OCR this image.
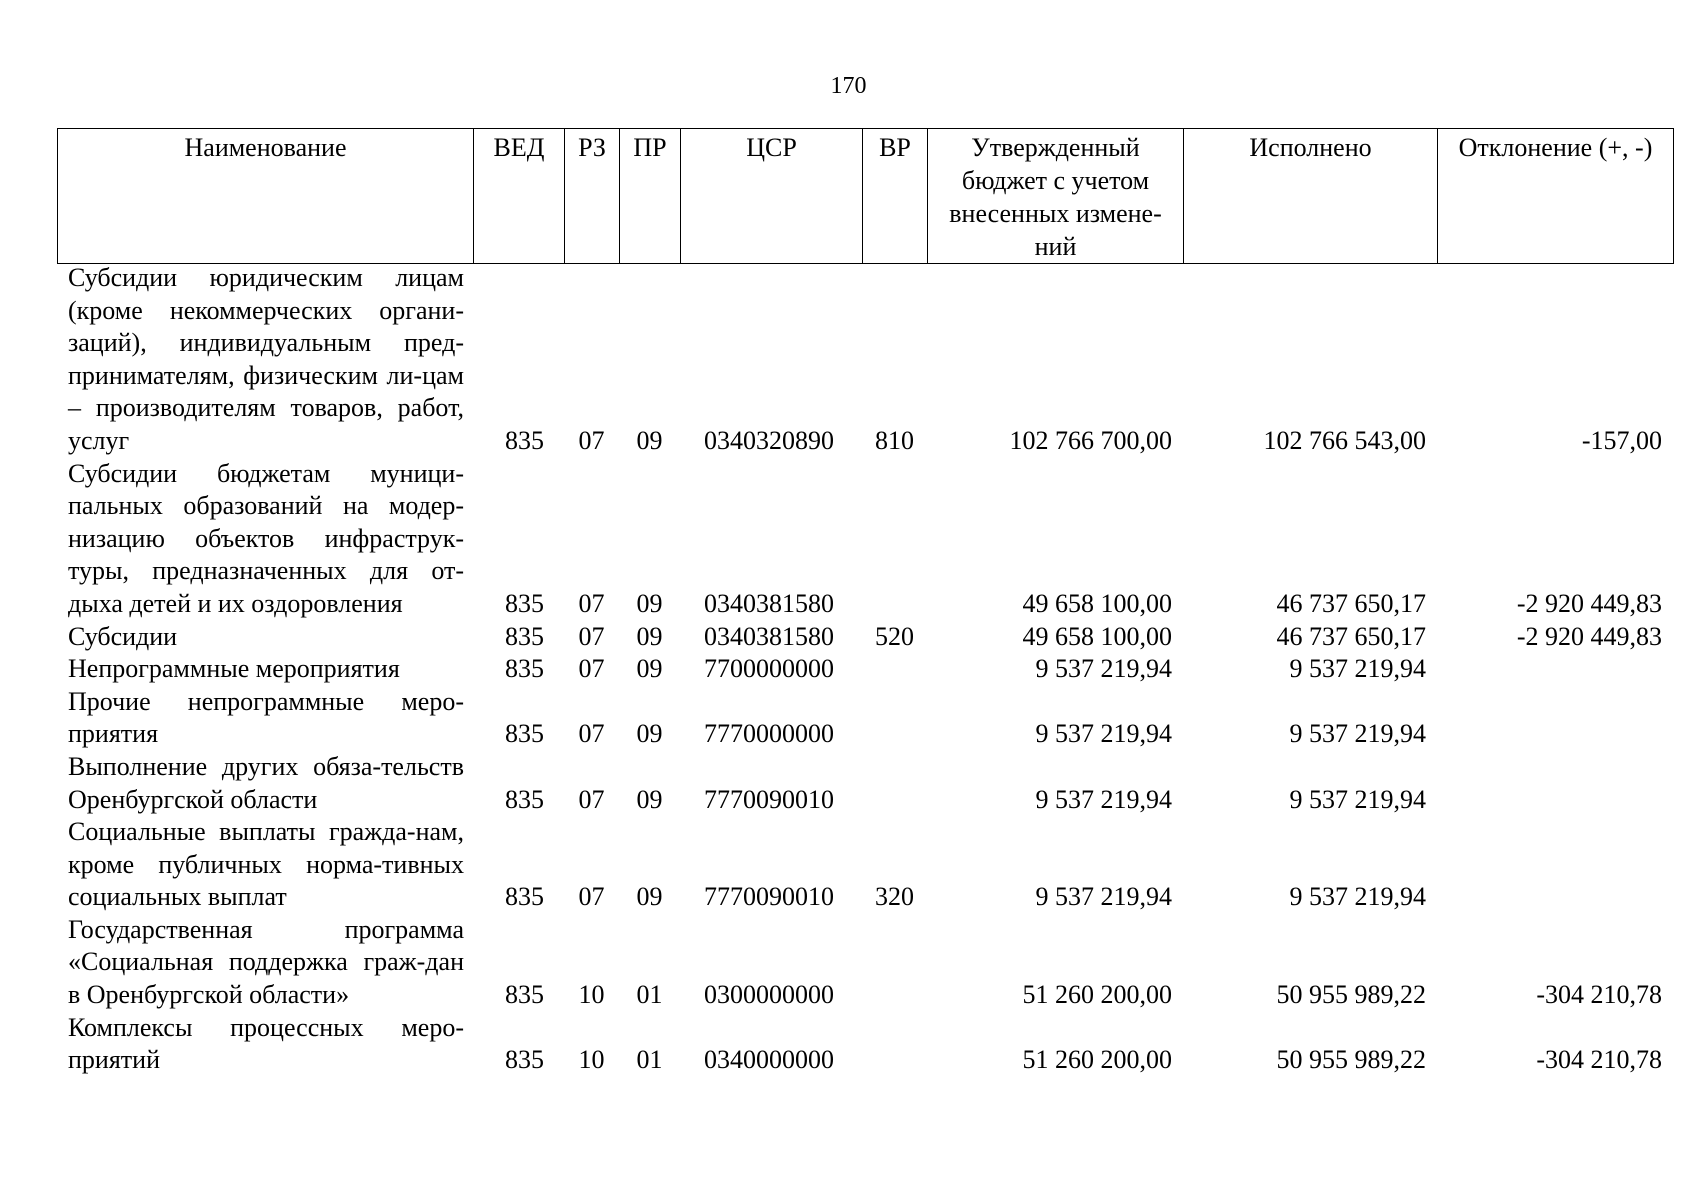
170
Наименование	ВЕД	РЗ	ПР	ЦСР	ВР	Утвержденный бюджет с учетом внесенных измене-ний	Исполнено	Отклонение (+, -)
Субсидии юридическим лицам (кроме некоммерческих органи-заций), индивидуальным пред-принимателям, физическим ли-цам – производителям товаров, работ, услуг	835	07	09	0340320890	810	102 766 700,00	102 766 543,00	-157,00
Субсидии бюджетам муници-пальных образований на модер-низацию объектов инфраструк-туры, предназначенных для от-дыха детей и их оздоровления	835	07	09	0340381580		49 658 100,00	46 737 650,17	-2 920 449,83
Субсидии	835	07	09	0340381580	520	49 658 100,00	46 737 650,17	-2 920 449,83
Непрограммные мероприятия	835	07	09	7700000000		9 537 219,94	9 537 219,94	
Прочие непрограммные меро-приятия	835	07	09	7770000000		9 537 219,94	9 537 219,94	
Выполнение других обяза-тельств Оренбургской области	835	07	09	7770090010		9 537 219,94	9 537 219,94	
Социальные выплаты гражда-нам, кроме публичных норма-тивных социальных выплат	835	07	09	7770090010	320	9 537 219,94	9 537 219,94	
Государственная программа «Социальная поддержка граж-дан в Оренбургской области»	835	10	01	0300000000		51 260 200,00	50 955 989,22	-304 210,78
Комплексы процессных меро-приятий	835	10	01	0340000000		51 260 200,00	50 955 989,22	-304 210,78
